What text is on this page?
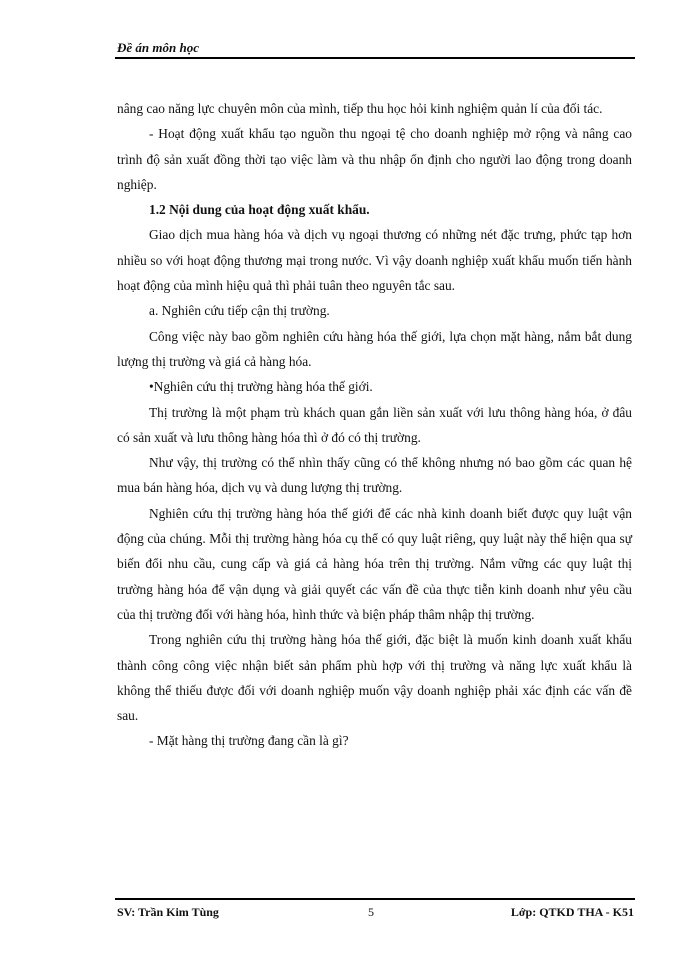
Đề án môn học

nâng cao năng lực chuyên môn của mình, tiếp thu học hỏi kinh nghiệm quản lí của đối tác.

- Hoạt động xuất khẩu tạo nguồn thu ngoại tệ cho doanh nghiệp mở rộng và nâng cao trình độ sản xuất đồng thời tạo việc làm và thu nhập ổn định cho người lao động trong doanh nghiệp.

1.2 Nội dung của hoạt động xuất khẩu.

Giao dịch mua hàng hóa và dịch vụ ngoại thương có những nét đặc trưng, phức tạp hơn nhiều so với hoạt động thương mại trong nước. Vì vậy doanh nghiệp xuất khẩu muốn tiến hành hoạt động của mình hiệu quả thì phải tuân theo nguyên tắc sau.

a. Nghiên cứu tiếp cận thị trường.

Công việc này bao gồm nghiên cứu hàng hóa thế giới, lựa chọn mặt hàng, nắm bắt dung lượng thị trường và giá cả hàng hóa.

•Nghiên cứu thị trường hàng hóa thế giới.

Thị trường là một phạm trù khách quan gắn liền sản xuất với lưu thông hàng hóa, ở đâu có sản xuất và lưu thông hàng hóa thì ở đó có thị trường.

Như vậy, thị trường có thể nhìn thấy cũng có thể không nhưng nó bao gồm các quan hệ mua bán hàng hóa, dịch vụ và dung lượng thị trường.

Nghiên cứu thị trường hàng hóa thế giới để các nhà kinh doanh biết được quy luật vận động của chúng. Mỗi thị trường hàng hóa cụ thể có quy luật riêng, quy luật này thể hiện qua sự biến đổi nhu cầu, cung cấp và giá cả hàng hóa trên thị trường. Nắm vững các quy luật thị trường hàng hóa để vận dụng và giải quyết các vấn đề của thực tiễn kinh doanh như yêu cầu của thị trường đối với hàng hóa, hình thức và biện pháp thâm nhập thị trường.

Trong nghiên cứu thị trường hàng hóa thế giới, đặc biệt là muốn kinh doanh xuất khẩu thành công công việc nhận biết sản phẩm phù hợp với thị trường và năng lực xuất khẩu là không thể thiếu được đối với doanh nghiệp muốn vậy doanh nghiệp phải xác định các vấn đề sau.

- Mặt hàng thị trường đang cần là gì?

SV: Trần Kim Tùng	5	Lớp: QTKD THA - K51
